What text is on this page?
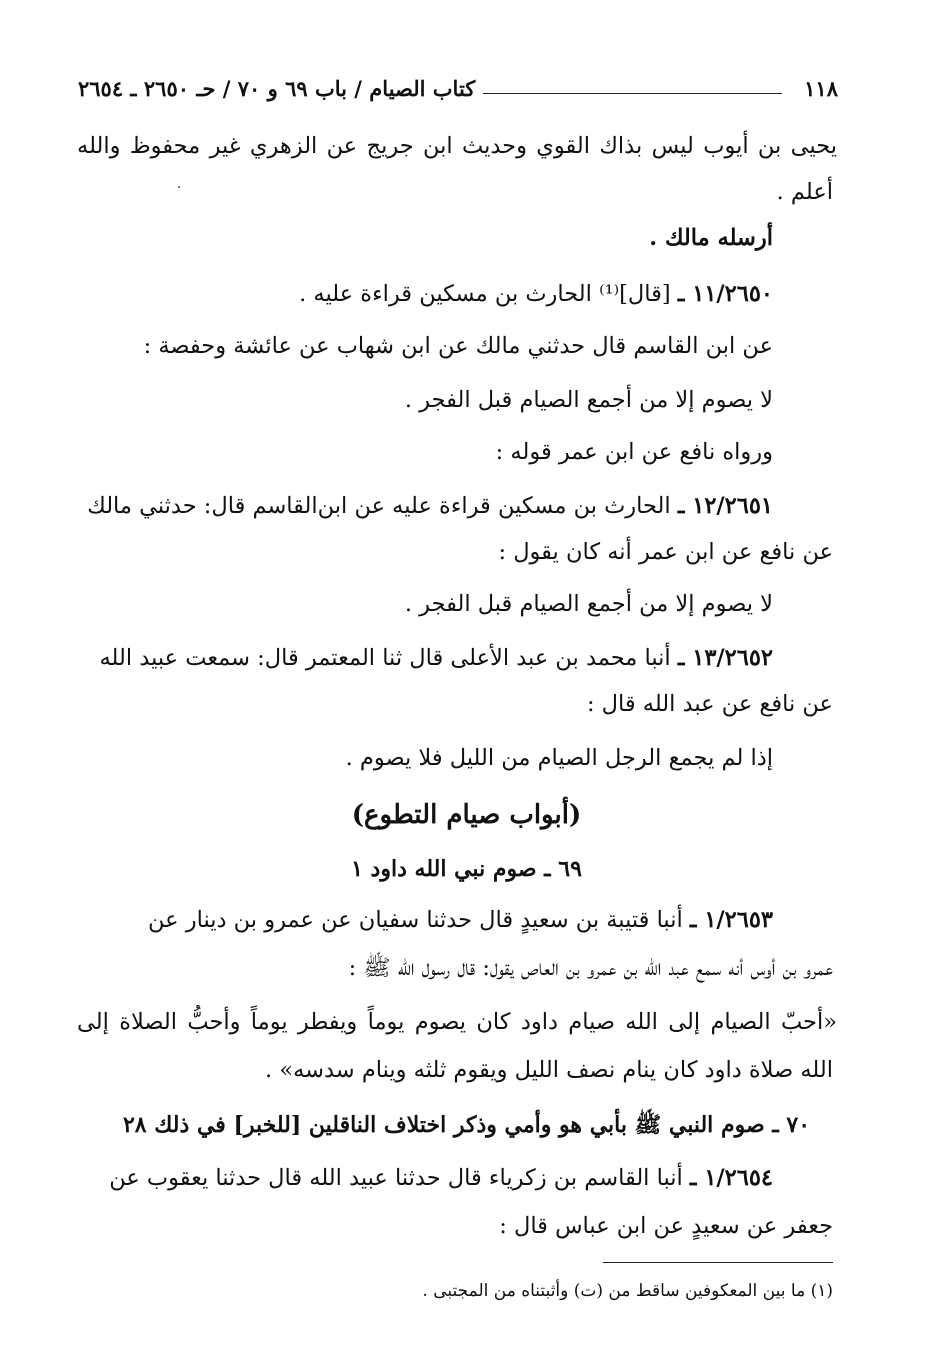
١١٨
كتاب الصيام / باب ٦٩ و ٧٠ / حـ ٢٦٥٠ ـ ٢٦٥٤
يحيى بن أيوب ليس بذاك القوي وحديث ابن جريج عن الزهري غير محفوظ والله
أعلم .
أرسله مالك .
١١/٢٦٥٠ ـ [قال]⁽¹⁾ الحارث بن مسكين قراءة عليه .
عن ابن القاسم قال حدثني مالك عن ابن شهاب عن عائشة وحفصة :
لا يصوم إلا من أجمع الصيام قبل الفجر .
ورواه نافع عن ابن عمر قوله :
١٢/٢٦٥١ ـ الحارث بن مسكين قراءة عليه عن ابن‌القاسم قال: حدثني مالك
عن نافع عن ابن عمر أنه كان يقول :
لا يصوم إلا من أجمع الصيام قبل الفجر .
١٣/٢٦٥٢ ـ أنبا محمد بن عبد الأعلى قال ثنا المعتمر قال: سمعت عبيد الله
عن نافع عن عبد الله قال :
إذا لم يجمع الرجل الصيام من الليل فلا يصوم .
(أبواب صيام التطوع)
٦٩ ـ صوم نبي الله داود ١
١/٢٦٥٣ ـ أنبا قتيبة بن سعيدٍ قال حدثنا سفيان عن عمرو بن دينار عن
عمرو بن أوس أنه سمع عبد الله بن عمرو بن العاص يقول: قال رسول الله ﷺ :
«أحبّ الصيام إلى الله صيام داود كان يصوم يوماً ويفطر يوماً وأحبُّ الصلاة إلى
الله صلاة داود كان ينام نصف الليل ويقوم ثلثه وينام سدسه» .
٧٠ ـ صوم النبي ﷺ بأبي هو وأمي وذكر اختلاف الناقلين [للخبر] في ذلك ٢٨
١/٢٦٥٤ ـ أنبا القاسم بن زكرياء قال حدثنا عبيد الله قال حدثنا يعقوب عن
جعفر عن سعيدٍ عن ابن عباس قال :
(١) ما بين المعكوفين ساقط من (ت) وأثبتناه من المجتبى .
